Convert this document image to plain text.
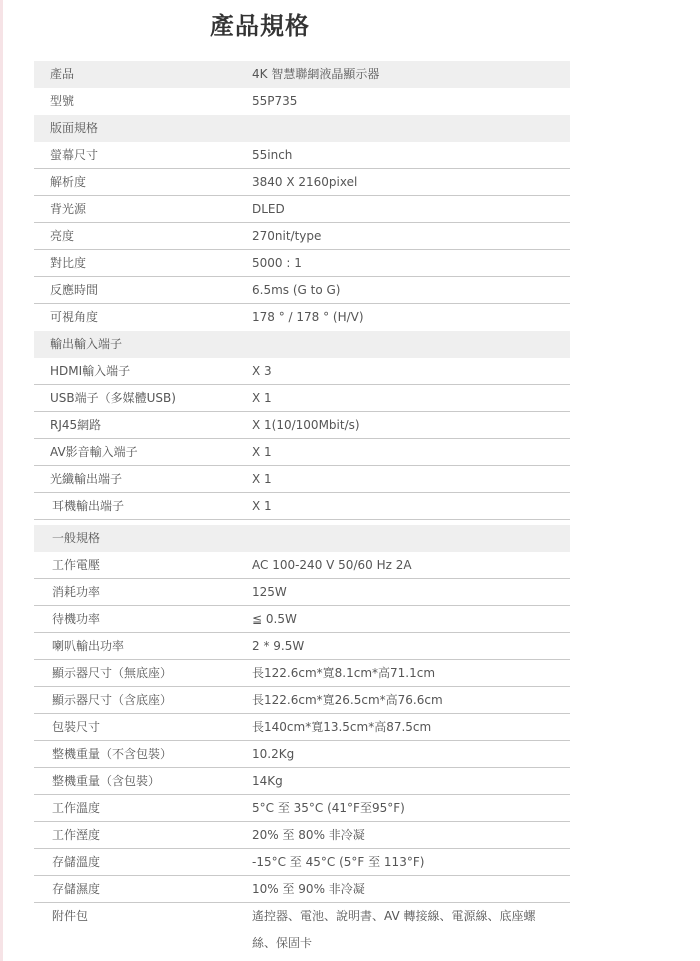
產品規格
產品	4K 智慧聯網液晶顯示器
型號	55P735
版面規格
螢幕尺寸	55inch
解析度	3840 X 2160pixel
背光源	DLED
亮度	270nit/type
對比度	5000 : 1
反應時間	6.5ms (G to G)
可視角度	178 ° / 178 ° (H/V)
輸出輸入端子
HDMI輸入端子	X 3
USB端子（多媒體USB)	X 1
RJ45網路	X 1(10/100Mbit/s)
AV影音輸入端子	X 1
光纖輸出端子	X 1
耳機輸出端子	X 1
一般規格
工作電壓	AC 100-240 V 50/60 Hz 2A
消耗功率	125W
待機功率	≦ 0.5W
喇叭輸出功率	2 * 9.5W
顯示器尺寸（無底座）	長122.6cm*寬8.1cm*高71.1cm
顯示器尺寸（含底座）	長122.6cm*寬26.5cm*高76.6cm
包裝尺寸	長140cm*寬13.5cm*高87.5cm
整機重量（不含包裝）	10.2Kg
整機重量（含包裝）	14Kg
工作溫度	5°C 至 35°C (41°F至95°F)
工作溼度	20% 至 80% 非冷凝
存儲溫度	-15°C 至 45°C (5°F 至 113°F)
存儲濕度	10% 至 90% 非冷凝
附件包	遙控器、電池、說明書、AV 轉接線、電源線、底座螺絲、保固卡
